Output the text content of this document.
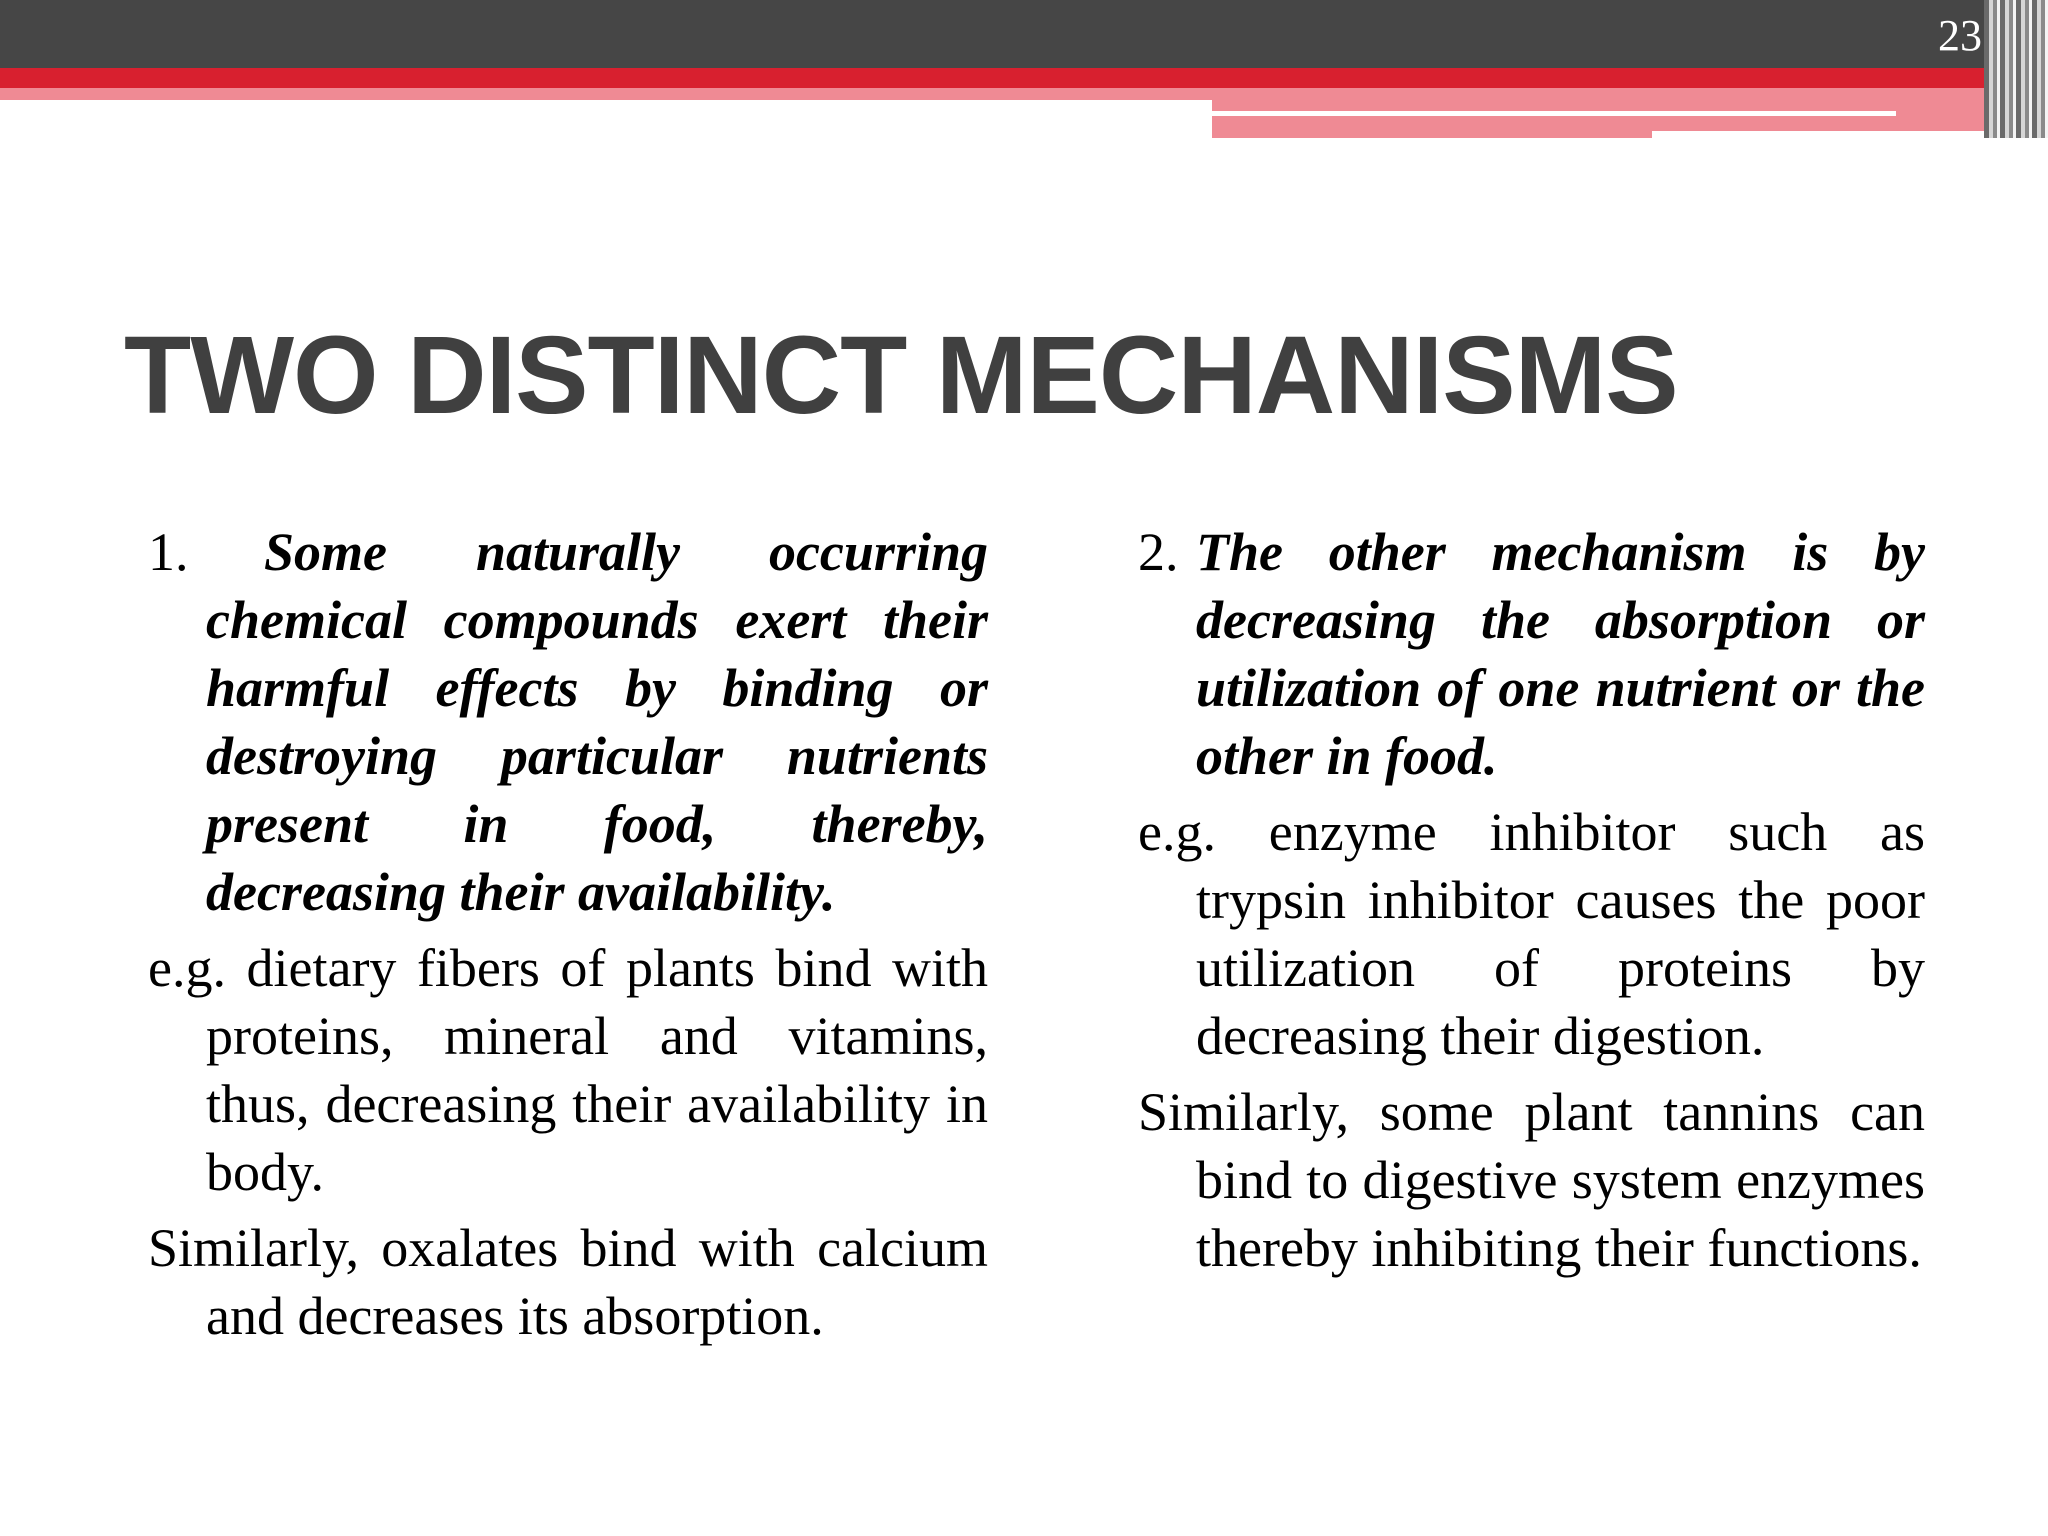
23
TWO DISTINCT MECHANISMS

1. Some naturally occurring chemical compounds exert their harmful effects by binding or destroying particular nutrients present in food, thereby, decreasing their availability.

e.g. dietary fibers of plants bind with proteins, mineral and vitamins, thus, decreasing their availability in body.

Similarly, oxalates bind with calcium and decreases its absorption.

2. The other mechanism is by decreasing the absorption or utilization of one nutrient or the other in food.

e.g. enzyme inhibitor such as trypsin inhibitor causes the poor utilization of proteins by decreasing their digestion.

Similarly, some plant tannins can bind to digestive system enzymes thereby inhibiting their functions.
